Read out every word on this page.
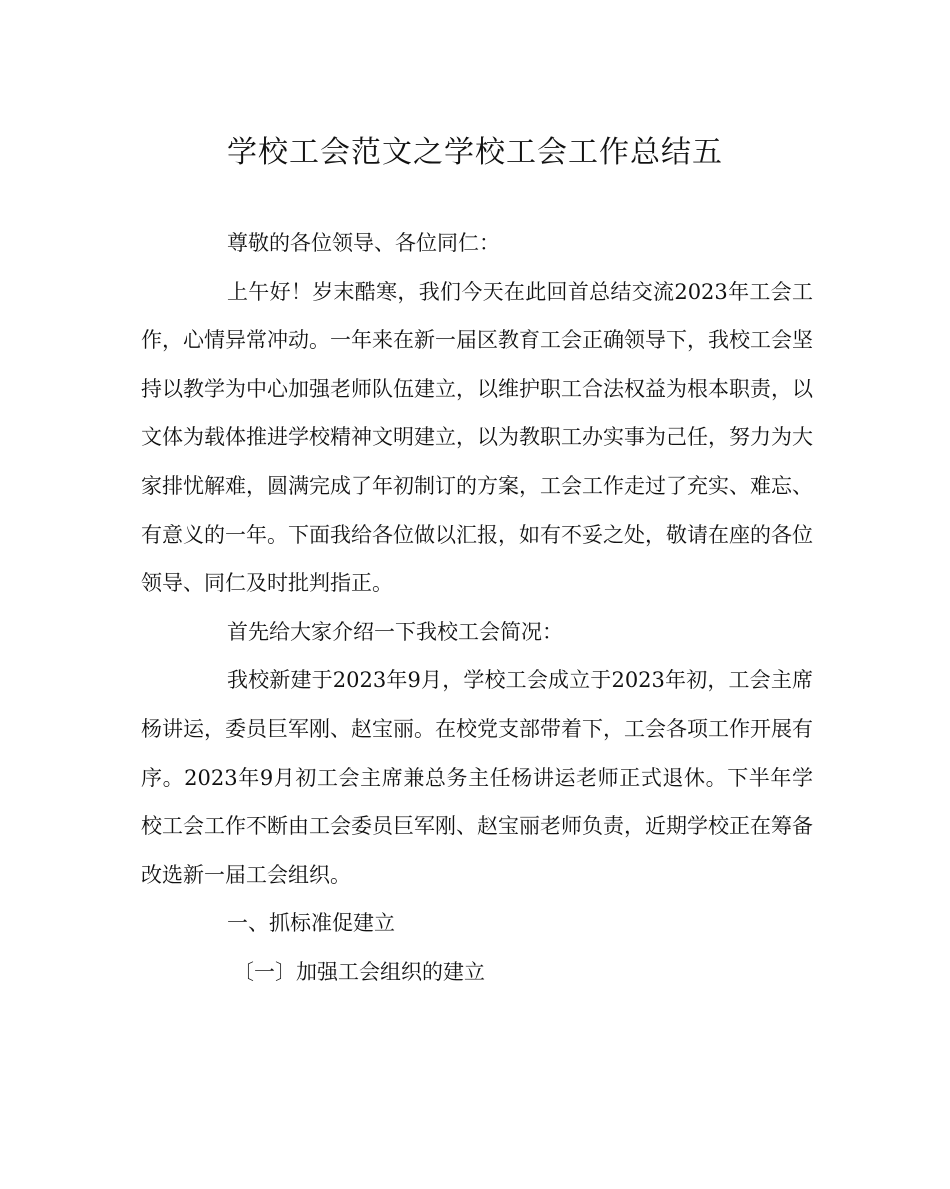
学校工会范文之学校工会工作总结五

尊敬的各位领导、各位同仁：

上午好！岁末酷寒，我们今天在此回首总结交流2023年工会工作，心情异常冲动。一年来在新一届区教育工会正确领导下，我校工会坚持以教学为中心加强老师队伍建立，以维护职工合法权益为根本职责，以文体为载体推进学校精神文明建立，以为教职工办实事为己任，努力为大家排忧解难，圆满完成了年初制订的方案，工会工作走过了充实、难忘、有意义的一年。下面我给各位做以汇报，如有不妥之处，敬请在座的各位领导、同仁及时批判指正。

首先给大家介绍一下我校工会简况：

我校新建于2023年9月，学校工会成立于2023年初，工会主席杨讲运，委员巨军刚、赵宝丽。在校党支部带着下，工会各项工作开展有序。2023年9月初工会主席兼总务主任杨讲运老师正式退休。下半年学校工会工作不断由工会委员巨军刚、赵宝丽老师负责，近期学校正在筹备改选新一届工会组织。

一、抓标准促建立

〔一〕加强工会组织的建立
